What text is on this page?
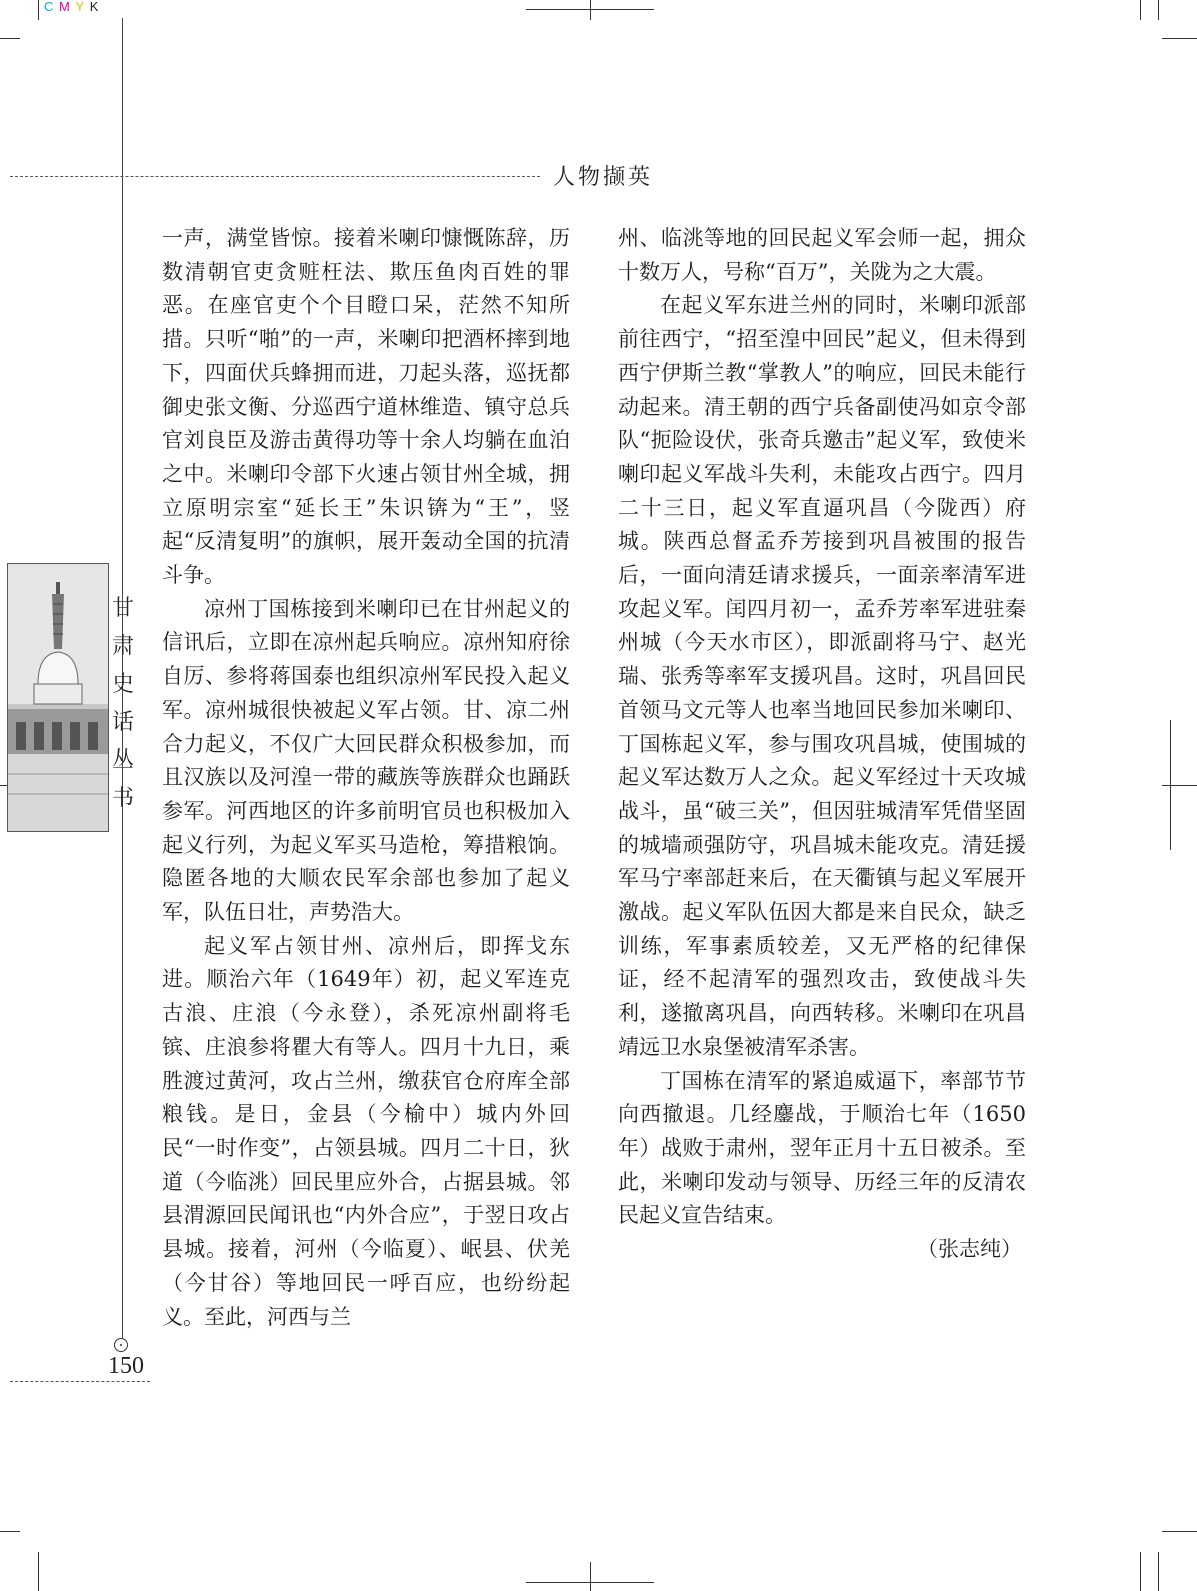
C M Y K
人物撷英
甘
肃
史
话
丛
书

一声，满堂皆惊。接着米喇印慷慨陈辞，历数清朝官吏贪赃枉法、欺压鱼肉百姓的罪恶。在座官吏个个目瞪口呆，茫然不知所措。只听“啪”的一声，米喇印把酒杯摔到地下，四面伏兵蜂拥而进，刀起头落，巡抚都御史张文衡、分巡西宁道林维造、镇守总兵官刘良臣及游击黄得功等十余人均躺在血泊之中。米喇印令部下火速占领甘州全城，拥立原明宗室“延长王”朱识锛为“王”，竖起“反清复明”的旗帜，展开轰动全国的抗清斗争。

凉州丁国栋接到米喇印已在甘州起义的信讯后，立即在凉州起兵响应。凉州知府徐自厉、参将蒋国泰也组织凉州军民投入起义军。凉州城很快被起义军占领。甘、凉二州合力起义，不仅广大回民群众积极参加，而且汉族以及河湟一带的藏族等族群众也踊跃参军。河西地区的许多前明官员也积极加入起义行列，为起义军买马造枪，筹措粮饷。隐匿各地的大顺农民军余部也参加了起义军，队伍日壮，声势浩大。

起义军占领甘州、凉州后，即挥戈东进。顺治六年（1649年）初，起义军连克古浪、庄浪（今永登），杀死凉州副将毛镔、庄浪参将瞿大有等人。四月十九日，乘胜渡过黄河，攻占兰州，缴获官仓府库全部粮钱。是日，金县（今榆中）城内外回民“一时作变”，占领县城。四月二十日，狄道（今临洮）回民里应外合，占据县城。邻县渭源回民闻讯也“内外合应”，于翌日攻占县城。接着，河州（今临夏）、岷县、伏羌（今甘谷）等地回民一呼百应，也纷纷起义。至此，河西与兰

州、临洮等地的回民起义军会师一起，拥众十数万人，号称“百万”，关陇为之大震。

在起义军东进兰州的同时，米喇印派部前往西宁，“招至湟中回民”起义，但未得到西宁伊斯兰教“掌教人”的响应，回民未能行动起来。清王朝的西宁兵备副使冯如京令部队“扼险设伏，张奇兵邀击”起义军，致使米喇印起义军战斗失利，未能攻占西宁。四月二十三日，起义军直逼巩昌（今陇西）府城。陕西总督孟乔芳接到巩昌被围的报告后，一面向清廷请求援兵，一面亲率清军进攻起义军。闰四月初一，孟乔芳率军进驻秦州城（今天水市区），即派副将马宁、赵光瑞、张秀等率军支援巩昌。这时，巩昌回民首领马文元等人也率当地回民参加米喇印、丁国栋起义军，参与围攻巩昌城，使围城的起义军达数万人之众。起义军经过十天攻城战斗，虽“破三关”，但因驻城清军凭借坚固的城墙顽强防守，巩昌城未能攻克。清廷援军马宁率部赶来后，在天衢镇与起义军展开激战。起义军队伍因大都是来自民众，缺乏训练，军事素质较差，又无严格的纪律保证，经不起清军的强烈攻击，致使战斗失利，遂撤离巩昌，向西转移。米喇印在巩昌靖远卫水泉堡被清军杀害。

丁国栋在清军的紧追威逼下，率部节节向西撤退。几经鏖战，于顺治七年（1650年）战败于肃州，翌年正月十五日被杀。至此，米喇印发动与领导、历经三年的反清农民起义宣告结束。

（张志纯）

150
